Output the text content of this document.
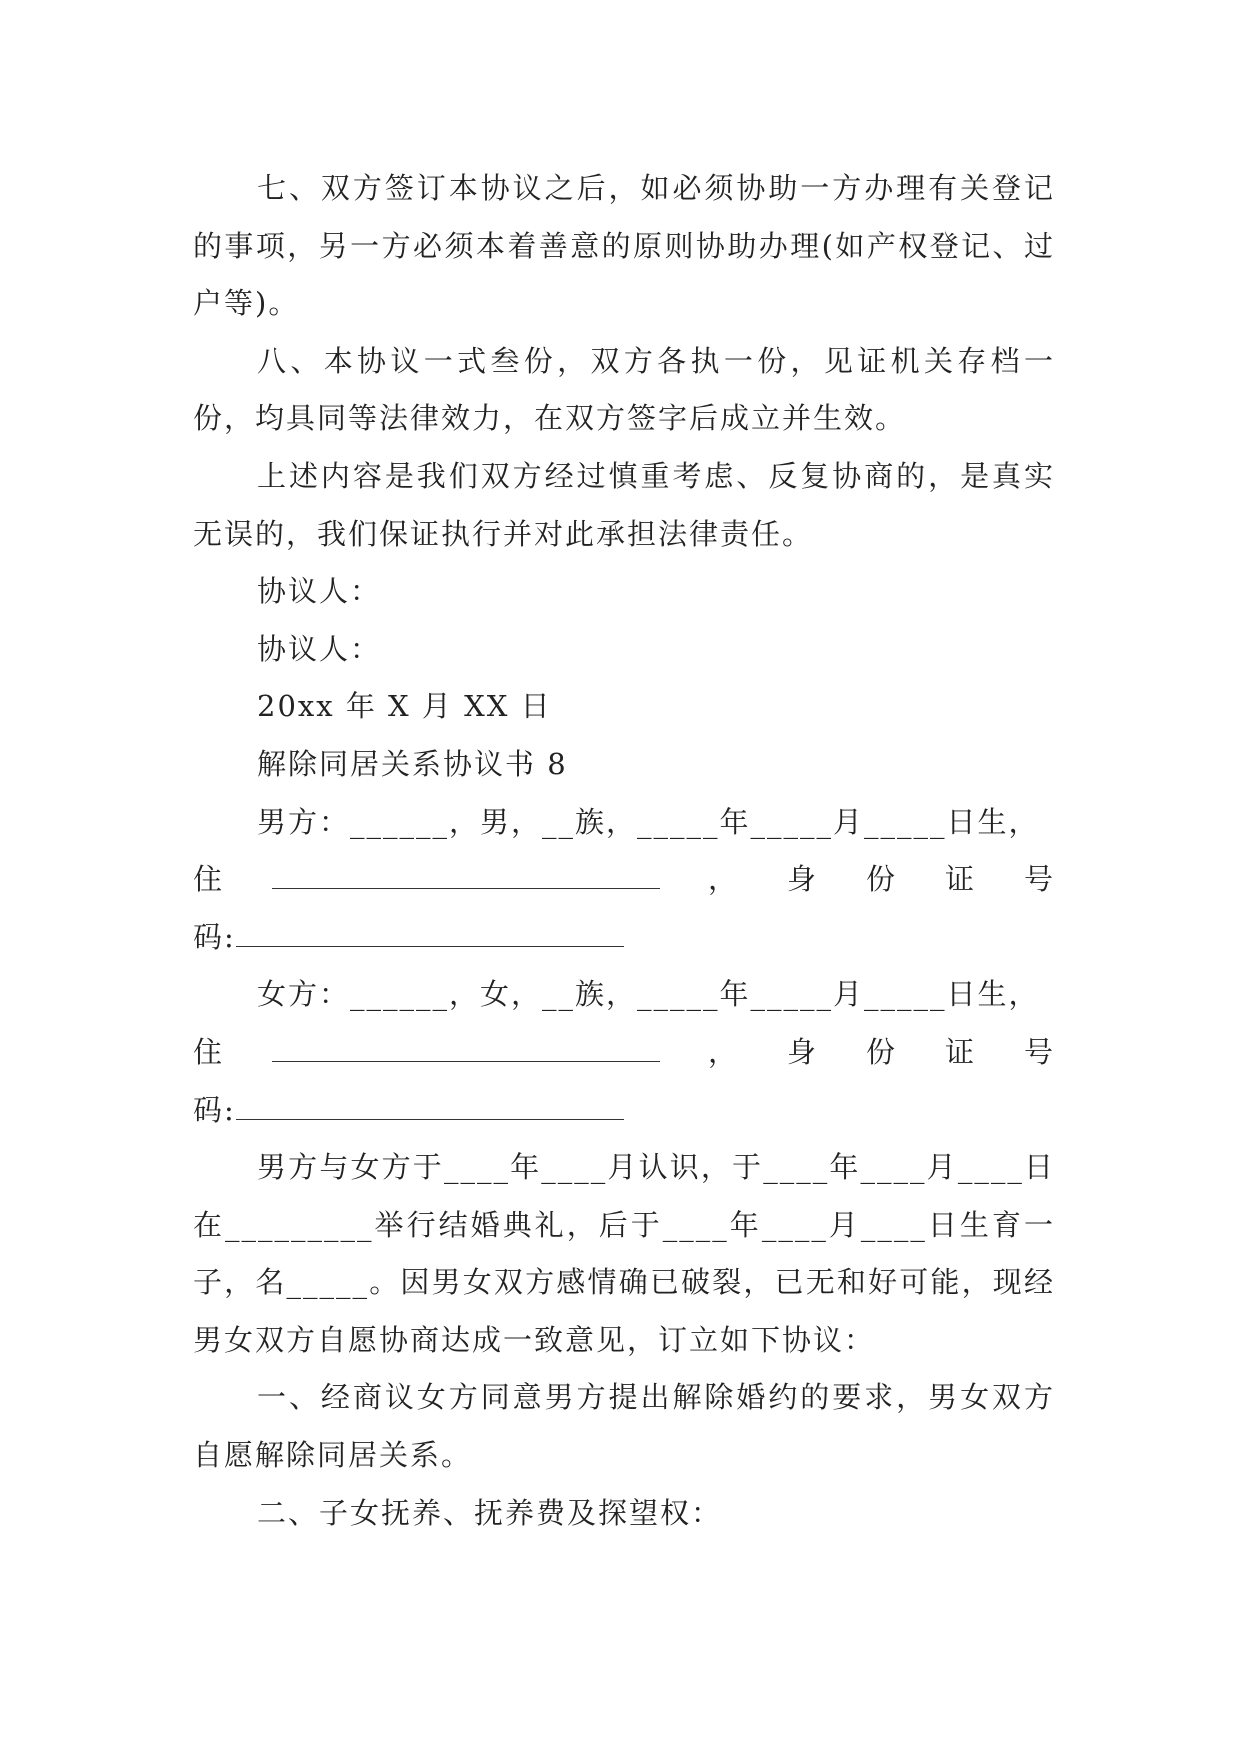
七、双方签订本协议之后，如必须协助一方办理有关登记的事项，另一方必须本着善意的原则协助办理(如产权登记、过户等)。

八、本协议一式叁份，双方各执一份，见证机关存档一份，均具同等法律效力，在双方签字后成立并生效。

上述内容是我们双方经过慎重考虑、反复协商的，是真实无误的，我们保证执行并对此承担法律责任。

协议人：

协议人：

20xx 年 X 月 XX 日

解除同居关系协议书 8

男方：______，男，__族，_____年_____月_____日生，

住	， 身 份 证 号

码:

女方：______，女，__族，_____年_____月_____日生，

住	， 身 份 证 号

码:

男方与女方于____年____月认识，于____年____月____日在_________举行结婚典礼，后于____年____月____日生育一子，名_____。因男女双方感情确已破裂，已无和好可能，现经男女双方自愿协商达成一致意见，订立如下协议：

一、经商议女方同意男方提出解除婚约的要求，男女双方自愿解除同居关系。

二、子女抚养、抚养费及探望权：
